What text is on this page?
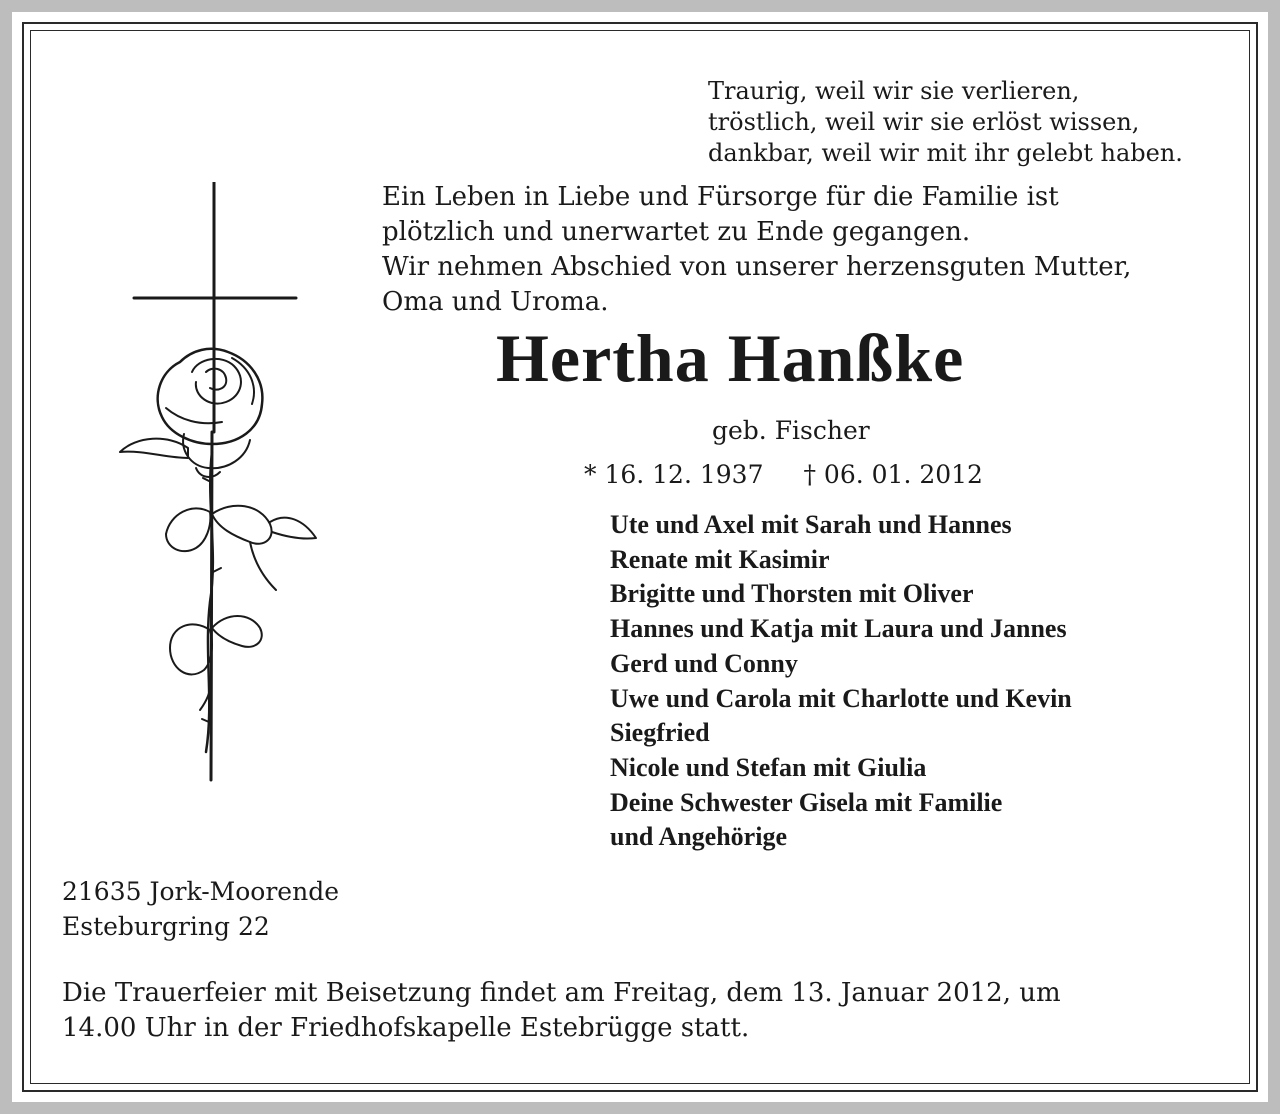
Traurig, weil wir sie verlieren,
tröstlich, weil wir sie erlöst wissen,
dankbar, weil wir mit ihr gelebt haben.
Ein Leben in Liebe und Fürsorge für die Familie ist
plötzlich und unerwartet zu Ende gegangen.
Wir nehmen Abschied von unserer herzensguten Mutter,
Oma und Uroma.
Hertha Hanßke
geb. Fischer
* 16. 12. 1937 † 06. 01. 2012
Ute und Axel mit Sarah und Hannes
Renate mit Kasimir
Brigitte und Thorsten mit Oliver
Hannes und Katja mit Laura und Jannes
Gerd und Conny
Uwe und Carola mit Charlotte und Kevin
Siegfried
Nicole und Stefan mit Giulia
Deine Schwester Gisela mit Familie
und Angehörige
21635 Jork-Moorende
Esteburgring 22
Die Trauerfeier mit Beisetzung findet am Freitag, dem 13. Januar 2012, um
14.00 Uhr in der Friedhofskapelle Estebrügge statt.
